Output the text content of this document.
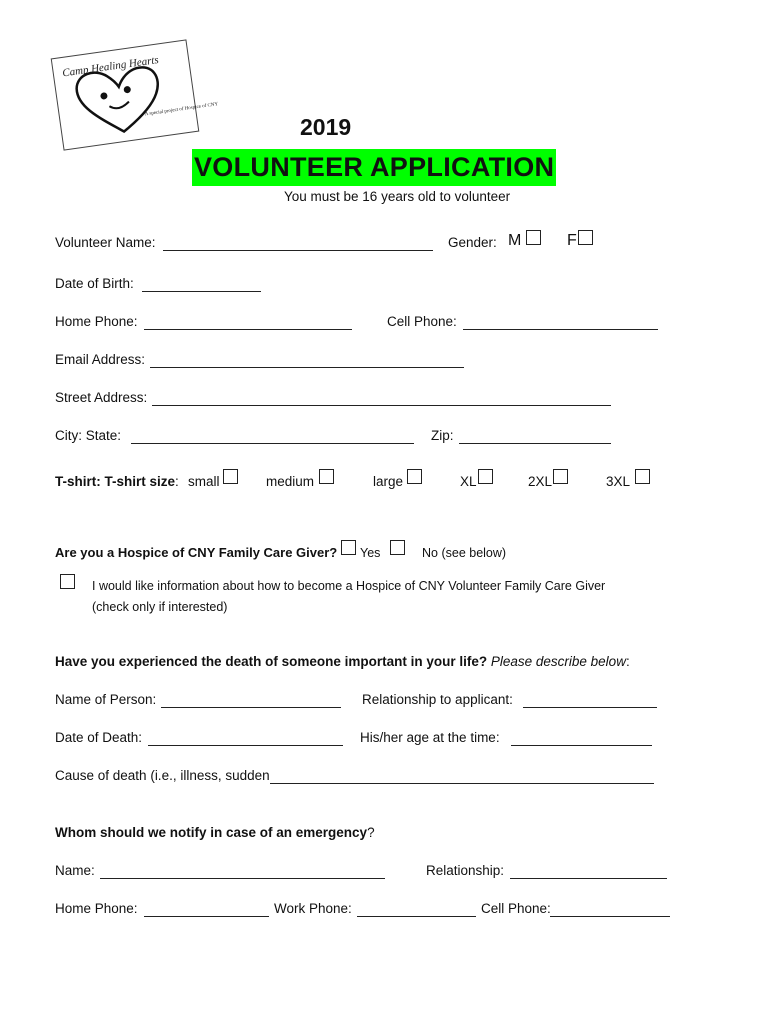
Camp Healing Hearts
A special project of Hospice of CNY
2019
VOLUNTEER APPLICATION
You must be 16 years old to volunteer
Volunteer Name:	Gender: M	F
Date of Birth:
Home Phone:	Cell Phone:
Email Address:
Street Address:
City: State:	Zip:
T-shirt: T-shirt size: small	medium	large	XL	2XL	3XL
Are you a Hospice of CNY Family Care Giver? Yes	No (see below)
I would like information about how to become a Hospice of CNY Volunteer Family Care Giver
(check only if interested)
Have you experienced the death of someone important in your life? Please describe below:
Name of Person:	Relationship to applicant:
Date of Death:	His/her age at the time:
Cause of death (i.e., illness, sudden
Whom should we notify in case of an emergency?
Name:	Relationship:
Home Phone:	Work Phone:	Cell Phone:
